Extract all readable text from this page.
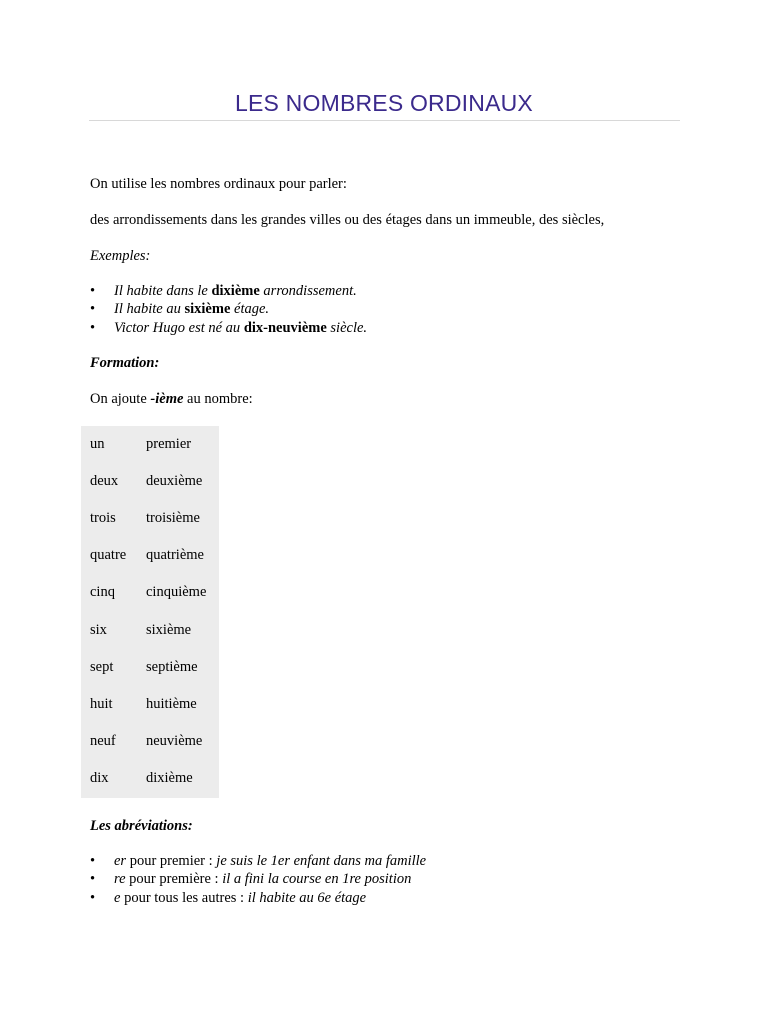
LES NOMBRES ORDINAUX
On utilise les nombres ordinaux pour parler:
des arrondissements dans les grandes villes ou des étages dans un immeuble, des siècles,
Exemples:
• Il habite dans le dixième arrondissement.
• Il habite au sixième étage.
• Victor Hugo est né au dix-neuvième siècle.
Formation:
On ajoute -ième au nombre:
un	premier
deux deuxième
trois troisième
quatre quatrième
cinq cinquième
six	sixième
sept septième
huit huitième
neuf neuvième
dix	dixième
Les abréviations:
• er pour premier : je suis le 1er enfant dans ma famille
• re pour première : il a fini la course en 1re position
• e pour tous les autres : il habite au 6e étage
